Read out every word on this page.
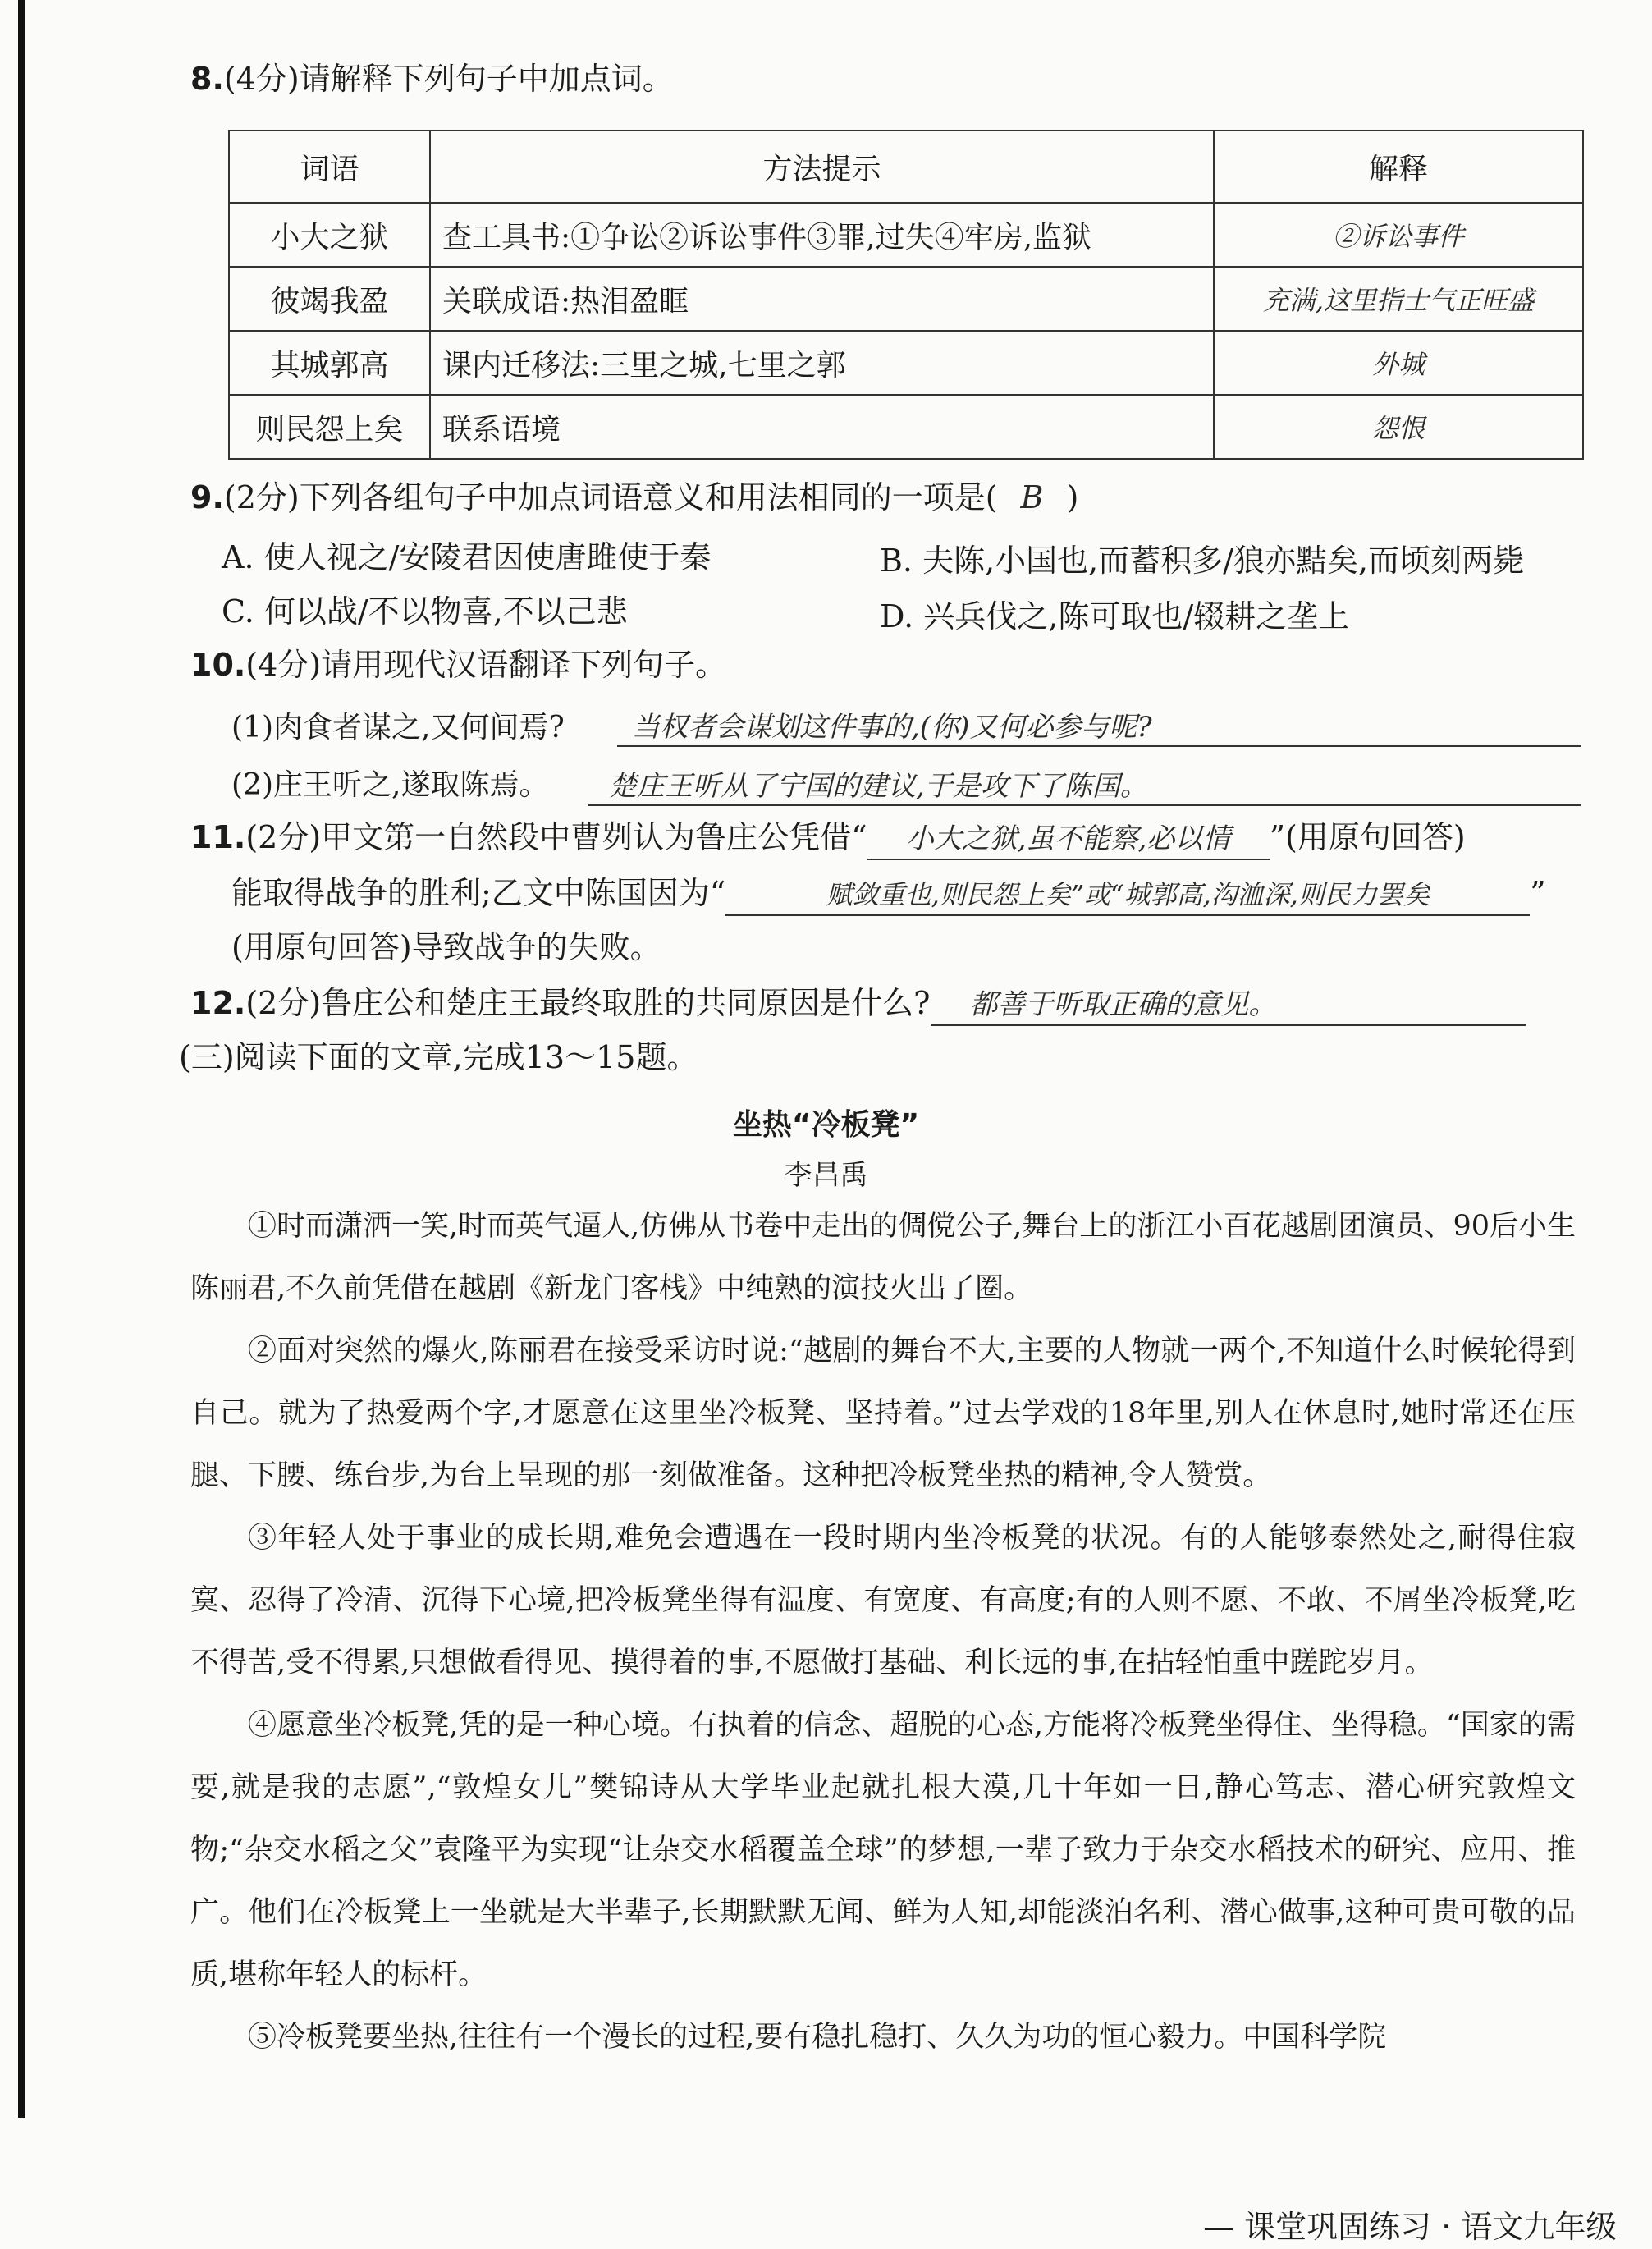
8.(4分)请解释下列句子中加点词。
词语	方法提示	解释
小大之狱	查工具书:①争讼②诉讼事件③罪,过失④牢房,监狱	②诉讼事件
彼竭我盈	关联成语:热泪盈眶	充满,这里指士气正旺盛
其城郭高	课内迁移法:三里之城,七里之郭	外城
则民怨上矣	联系语境	怨恨
9.(2分)下列各组句子中加点词语意义和用法相同的一项是( B )
A. 使人视之/安陵君因使唐雎使于秦	B. 夫陈,小国也,而蓄积多/狼亦黠矣,而顷刻两毙
C. 何以战/不以物喜,不以己悲	D. 兴兵伐之,陈可取也/辍耕之垄上
10.(4分)请用现代汉语翻译下列句子。
(1)肉食者谋之,又何间焉? 当权者会谋划这件事的,(你)又何必参与呢?
(2)庄王听之,遂取陈焉。 楚庄王听从了宁国的建议,于是攻下了陈国。
11.(2分)甲文第一自然段中曹刿认为鲁庄公凭借“ 小大之狱,虽不能察,必以情 ”(用原句回答)
能取得战争的胜利;乙文中陈国因为“	赋敛重也,则民怨上矣”或“城郭高,沟洫深,则民力罢矣	”
(用原句回答)导致战争的失败。
12.(2分)鲁庄公和楚庄王最终取胜的共同原因是什么? 都善于听取正确的意见。
(三)阅读下面的文章,完成13～15题。
坐热“冷板凳”
李昌禹

①时而潇洒一笑,时而英气逼人,仿佛从书卷中走出的倜傥公子,舞台上的浙江小百花越剧团演员、90后小生陈丽君,不久前凭借在越剧《新龙门客栈》中纯熟的演技火出了圈。

②面对突然的爆火,陈丽君在接受采访时说:“越剧的舞台不大,主要的人物就一两个,不知道什么时候轮得到自己。就为了热爱两个字,才愿意在这里坐冷板凳、坚持着。”过去学戏的18年里,别人在休息时,她时常还在压腿、下腰、练台步,为台上呈现的那一刻做准备。这种把冷板凳坐热的精神,令人赞赏。

③年轻人处于事业的成长期,难免会遭遇在一段时期内坐冷板凳的状况。有的人能够泰然处之,耐得住寂寞、忍得了冷清、沉得下心境,把冷板凳坐得有温度、有宽度、有高度;有的人则不愿、不敢、不屑坐冷板凳,吃不得苦,受不得累,只想做看得见、摸得着的事,不愿做打基础、利长远的事,在拈轻怕重中蹉跎岁月。

④愿意坐冷板凳,凭的是一种心境。有执着的信念、超脱的心态,方能将冷板凳坐得住、坐得稳。“国家的需要,就是我的志愿”,“敦煌女儿”樊锦诗从大学毕业起就扎根大漠,几十年如一日,静心笃志、潜心研究敦煌文物;“杂交水稻之父”袁隆平为实现“让杂交水稻覆盖全球”的梦想,一辈子致力于杂交水稻技术的研究、应用、推广。他们在冷板凳上一坐就是大半辈子,长期默默无闻、鲜为人知,却能淡泊名利、潜心做事,这种可贵可敬的品质,堪称年轻人的标杆。

⑤冷板凳要坐热,往往有一个漫长的过程,要有稳扎稳打、久久为功的恒心毅力。中国科学院

— 课堂巩固练习 · 语文九年级
